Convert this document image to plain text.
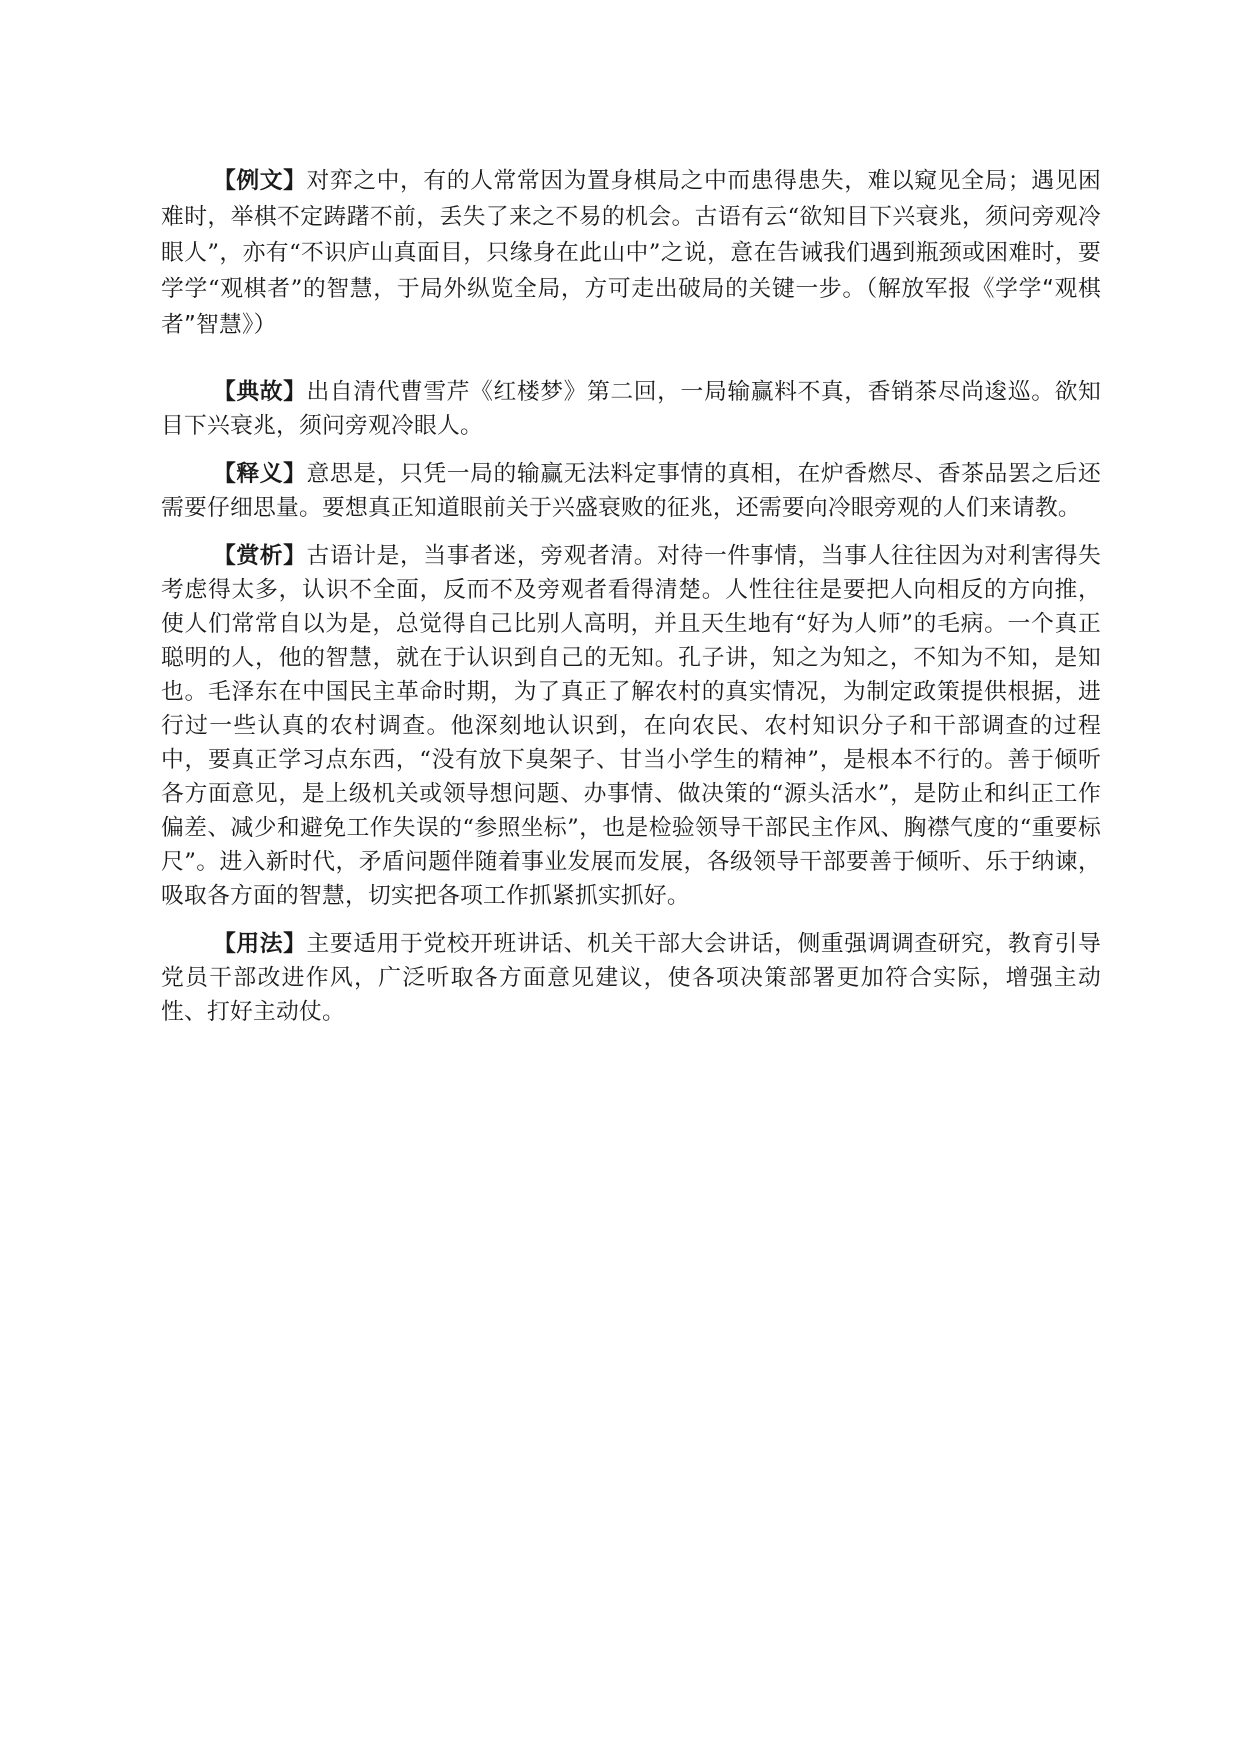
【例文】对弈之中，有的人常常因为置身棋局之中而患得患失，难以窥见全局；遇见困难时，举棋不定踌躇不前，丢失了来之不易的机会。古语有云“欲知目下兴衰兆，须问旁观冷眼人”，亦有“不识庐山真面目，只缘身在此山中”之说，意在告诫我们遇到瓶颈或困难时，要学学“观棋者”的智慧，于局外纵览全局，方可走出破局的关键一步。（解放军报《学学“观棋者”智慧》）

【典故】出自清代曹雪芹《红楼梦》第二回，一局输赢料不真，香销茶尽尚逡巡。欲知目下兴衰兆，须问旁观冷眼人。

【释义】意思是，只凭一局的输赢无法料定事情的真相，在炉香燃尽、香茶品罢之后还需要仔细思量。要想真正知道眼前关于兴盛衰败的征兆，还需要向冷眼旁观的人们来请教。

【赏析】古语计是，当事者迷，旁观者清。对待一件事情，当事人往往因为对利害得失考虑得太多，认识不全面，反而不及旁观者看得清楚。人性往往是要把人向相反的方向推，使人们常常自以为是，总觉得自己比别人高明，并且天生地有“好为人师”的毛病。一个真正聪明的人，他的智慧，就在于认识到自己的无知。孔子讲，知之为知之，不知为不知，是知也。毛泽东在中国民主革命时期，为了真正了解农村的真实情况，为制定政策提供根据，进行过一些认真的农村调查。他深刻地认识到，在向农民、农村知识分子和干部调查的过程中，要真正学习点东西，“没有放下臭架子、甘当小学生的精神”，是根本不行的。善于倾听各方面意见，是上级机关或领导想问题、办事情、做决策的“源头活水”，是防止和纠正工作偏差、减少和避免工作失误的“参照坐标”，也是检验领导干部民主作风、胸襟气度的“重要标尺”。进入新时代，矛盾问题伴随着事业发展而发展，各级领导干部要善于倾听、乐于纳谏，吸取各方面的智慧，切实把各项工作抓紧抓实抓好。

【用法】主要适用于党校开班讲话、机关干部大会讲话，侧重强调调查研究，教育引导党员干部改进作风，广泛听取各方面意见建议，使各项决策部署更加符合实际，增强主动性、打好主动仗。
